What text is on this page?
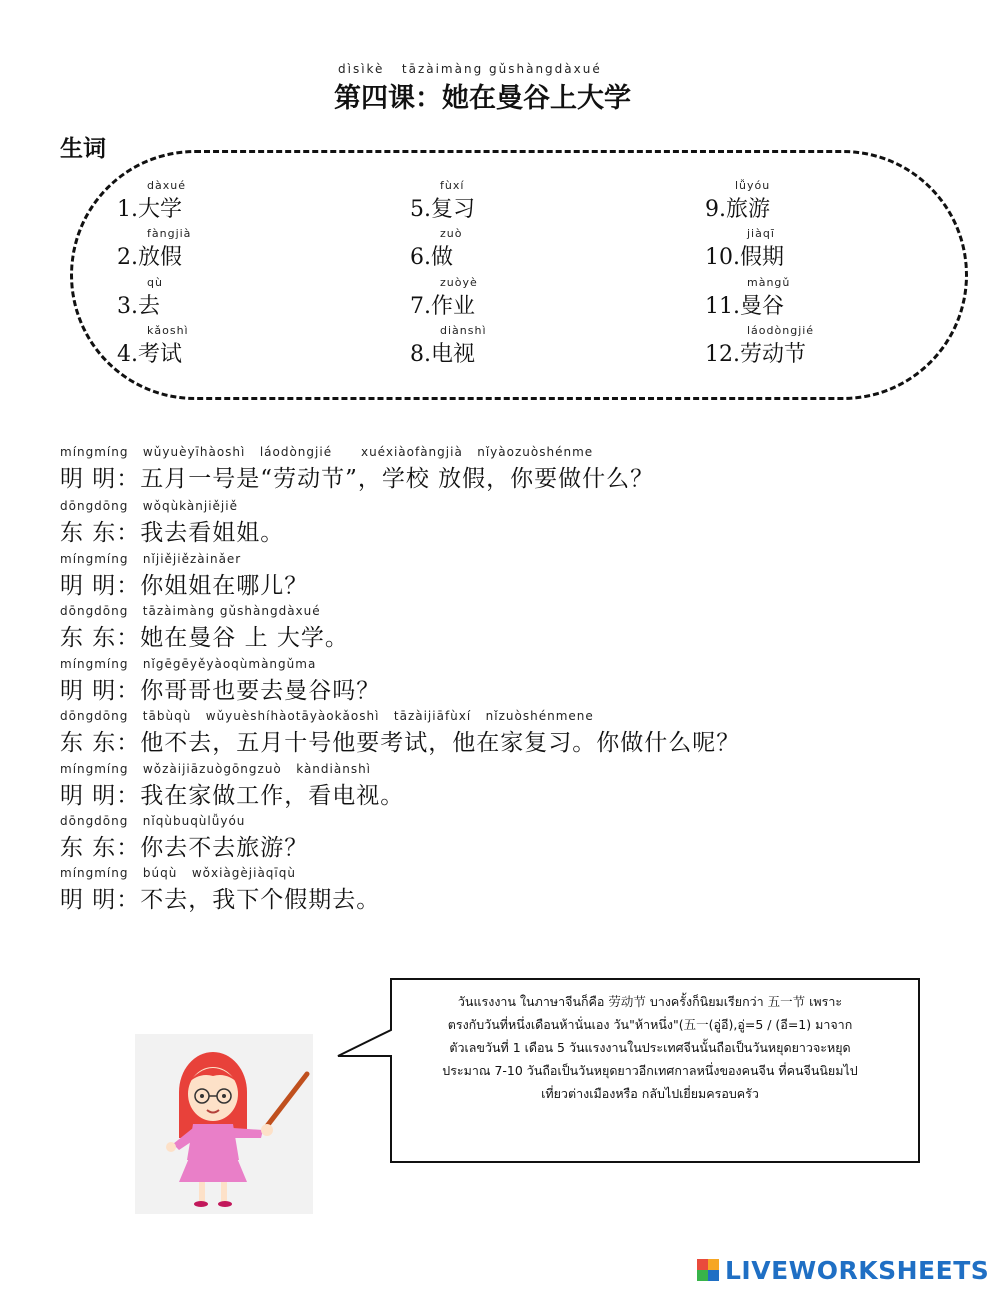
dìsìkè   tāzàimàng gǔshàngdàxué
第四课：她在曼谷上大学
生词
dàxué
1.大学
fàngjià
2.放假
qù
3.去
kǎoshì
4.考试
fùxí
5.复习
zuò
6.做
zuòyè
7.作业
diànshì
8.电视
lǚyóu
9.旅游
jiàqī
10.假期
màngǔ
11.曼谷
láodòngjié
12.劳动节
míngmíng   wǔyuèyīhàoshì   láodòngjié      xuéxiàofàngjià   nǐyàozuòshénme
明 明：五月一号是“劳动节”，学校 放假，你要做什么？
dōngdōng   wǒqùkànjiějiě
东 东：我去看姐姐。
míngmíng   nǐjiějiězàinǎer
明 明：你姐姐在哪儿？
dōngdōng   tāzàimàng gǔshàngdàxué
东 东：她在曼谷 上 大学。
míngmíng   nǐgēgēyěyàoqùmàngǔma
明 明：你哥哥也要去曼谷吗？
dōngdōng   tābùqù   wǔyuèshíhàotāyàokǎoshì   tāzàijiāfùxí   nǐzuòshénmene
东 东：他不去，五月十号他要考试，他在家复习。你做什么呢？
míngmíng   wǒzàijiāzuògōngzuò   kàndiànshì
明 明：我在家做工作，看电视。
dōngdōng   nǐqùbuqùlǚyóu
东 东：你去不去旅游？
míngmíng   búqù   wǒxiàgèjiàqīqù
明 明：不去，我下个假期去。
วันแรงงาน ในภาษาจีนก็คือ 劳动节 บางครั้งก็นิยมเรียกว่า 五一节 เพราะ
ตรงกับวันที่หนึ่งเดือนห้านั่นเอง วัน"ห้าหนึ่ง"(五一(อู่อี),อู่=5 / (อี=1) มาจาก
ตัวเลขวันที่ 1 เดือน 5 วันแรงงานในประเทศจีนนั้นถือเป็นวันหยุดยาวจะหยุด
ประมาณ 7-10 วันถือเป็นวันหยุดยาวอีกเทศกาลหนึ่งของคนจีน ที่คนจีนนิยมไป
เที่ยวต่างเมืองหรือ กลับไปเยี่ยมครอบครัว
LIVEWORKSHEETS
